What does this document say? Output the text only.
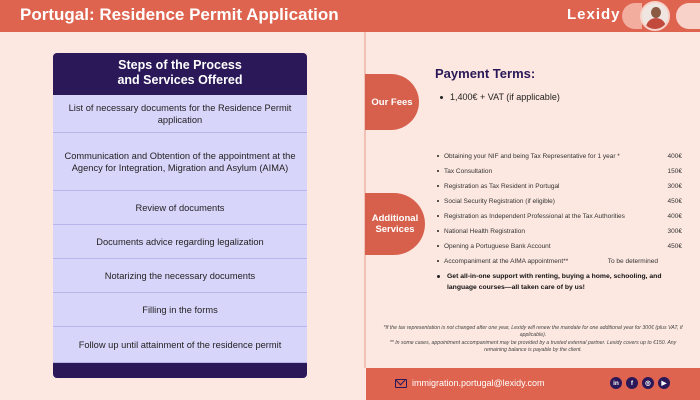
Portugal: Residence Permit Application	Lexidy
Steps of the Process
and Services Offered
List of necessary documents for the Residence Permit application
Communication and Obtention of the appointment at the Agency for Integration, Migration and Asylum (AIMA)
Review of documents
Documents advice regarding legalization
Notarizing the necessary documents
Filling in the forms
Follow up until attainment of the residence permit
Our Fees
Payment Terms:
1,400€ + VAT (if applicable)
Additional
Services
Obtaining your NIF and being Tax Representative for 1 year *	400€
Tax Consultation	150€
Registration as Tax Resident in Portugal	300€
Social Security Registration (if eligible)	450€
Registration as Independent Professional at the Tax Authorities	400€
National Health Registration	300€
Opening a Portuguese Bank Account	450€
Accompaniment at the AIMA appointment**	To be determined
Get all-in-one support with renting, buying a home, schooling, and language courses—all taken care of by us!
*If the tax representation is not changed after one year, Lexidy will renew the mandate for one additional year for 300€ (plus VAT, if applicable).
** In some cases, appointment accompaniment may be provided by a trusted external partner. Lexidy covers up to €150. Any remaining balance is payable by the client.
immigration.portugal@lexidy.com	in	f	◎	▶
